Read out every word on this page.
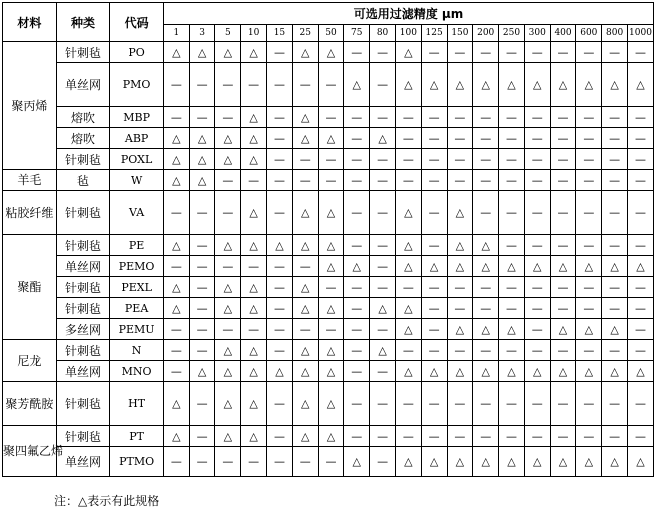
材料	种类	代码	可选用过滤精度 μm																		
			1	3	5	10	15	25	50	75	80	100	125	150	200	250	300	400	600	800	1000
聚丙烯	针刺毡	PO	△	△	△	△	—	△	△	—	—	△	—	—	—	—	—	—	—	—	—
	单丝网	PMO	—	—	—	—	—	—	—	△	—	△	△	△	△	△	△	△	△	△	△
	熔吹	MBP	—	—	—	△	—	△	—	—	—	—	—	—	—	—	—	—	—	—	—
	熔吹	ABP	△	△	△	△	—	△	△	—	△	—	—	—	—	—	—	—	—	—	—
	针刺毡	POXL	△	△	△	△	—	—	—	—	—	—	—	—	—	—	—	—	—	—	—
羊毛	毡	W	△	△	—	—	—	—	—	—	—	—	—	—	—	—	—	—	—	—	—
粘胶纤维	针刺毡	VA	—	—	—	△	—	△	△	—	—	△	—	△	—	—	—	—	—	—	—
聚酯	针刺毡	PE	△	—	△	△	△	△	△	—	—	△	—	△	△	—	—	—	—	—	—
	单丝网	PEMO	—	—	—	—	—	—	△	△	—	△	△	△	△	△	△	△	△	△	△
	针刺毡	PEXL	△	—	△	△	—	△	—	—	—	—	—	—	—	—	—	—	—	—	—
	针刺毡	PEA	△	—	△	△	—	△	△	—	△	△	—	—	—	—	—	—	—	—	—
	多丝网	PEMU	—	—	—	—	—	—	—	—	—	△	—	△	△	△	—	△	△	△	—
尼龙	针刺毡	N	—	—	△	△	—	△	△	—	△	—	—	—	—	—	—	—	—	—	—
	单丝网	MNO	—	△	△	△	△	△	△	—	—	△	△	△	△	△	△	△	△	△	△
聚芳酰胺	针刺毡	HT	△	—	△	△	—	△	△	—	—	—	—	—	—	—	—	—	—	—	—
聚四氟乙烯	针刺毡	PT	△	—	△	△	—	△	△	—	—	—	—	—	—	—	—	—	—	—	—
	单丝网	PTMO	—	—	—	—	—	—	—	△	—	△	△	△	△	△	△	△	△	△	△
注：△表示有此规格
